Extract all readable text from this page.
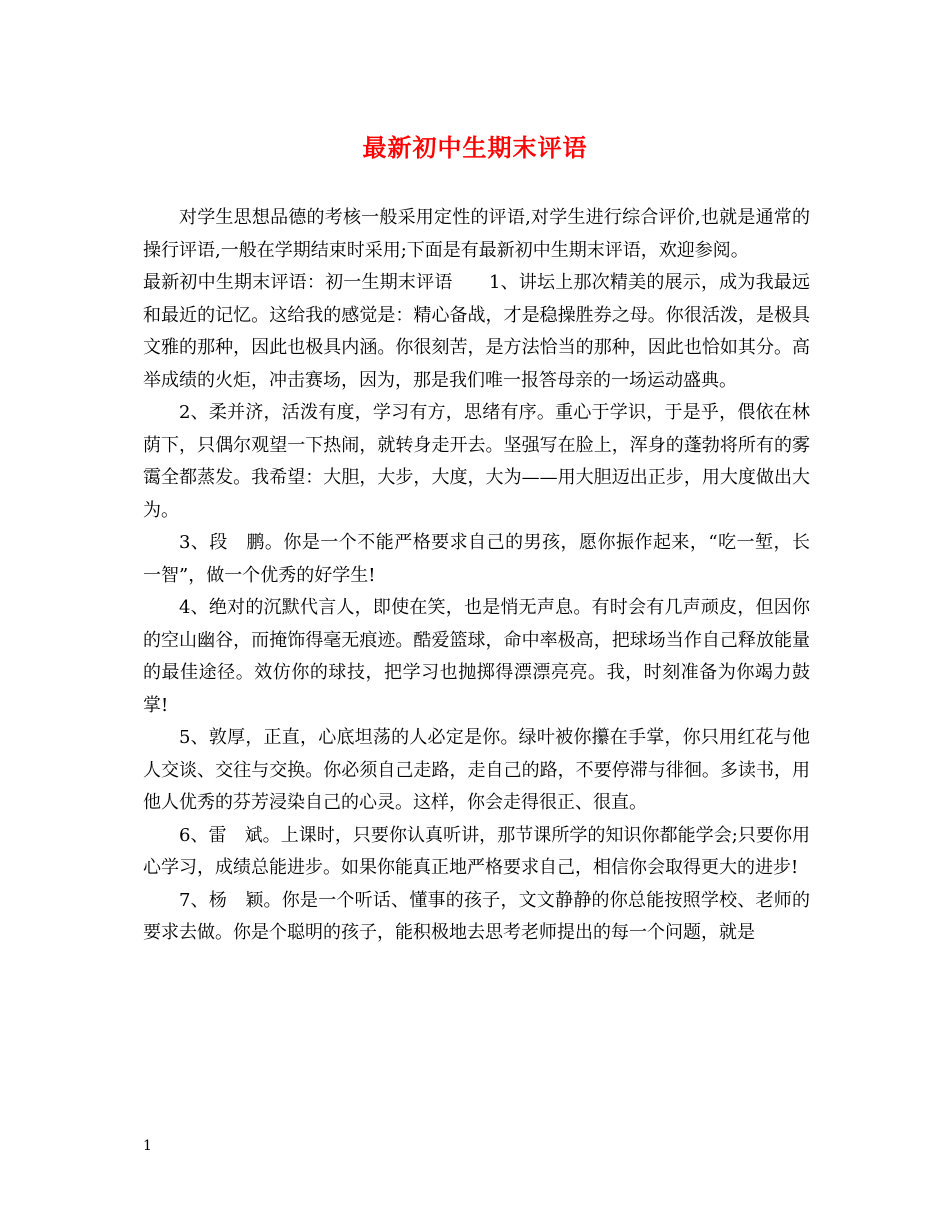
最新初中生期末评语

对学生思想品德的考核一般采用定性的评语,对学生进行综合评价,也就是通常的操行评语,一般在学期结束时采用;下面是有最新初中生期末评语，欢迎参阅。

最新初中生期末评语：初一生期末评语　　1、讲坛上那次精美的展示，成为我最远和最近的记忆。这给我的感觉是：精心备战，才是稳操胜券之母。你很活泼，是极具文雅的那种，因此也极具内涵。你很刻苦，是方法恰当的那种，因此也恰如其分。高举成绩的火炬，冲击赛场，因为，那是我们唯一报答母亲的一场运动盛典。

2、柔并济，活泼有度，学习有方，思绪有序。重心于学识，于是乎，偎依在林荫下，只偶尔观望一下热闹，就转身走开去。坚强写在脸上，浑身的蓬勃将所有的雾霭全都蒸发。我希望：大胆，大步，大度，大为——用大胆迈出正步，用大度做出大为。

3、段　鹏。你是一个不能严格要求自己的男孩，愿你振作起来，“吃一堑，长一智”，做一个优秀的好学生!

4、绝对的沉默代言人，即使在笑，也是悄无声息。有时会有几声顽皮，但因你的空山幽谷，而掩饰得毫无痕迹。酷爱篮球，命中率极高，把球场当作自己释放能量的最佳途径。效仿你的球技，把学习也抛掷得漂漂亮亮。我，时刻准备为你竭力鼓掌!

5、敦厚，正直，心底坦荡的人必定是你。绿叶被你攥在手掌，你只用红花与他人交谈、交往与交换。你必须自己走路，走自己的路，不要停滞与徘徊。多读书，用他人优秀的芬芳浸染自己的心灵。这样，你会走得很正、很直。

6、雷　斌。上课时，只要你认真听讲，那节课所学的知识你都能学会;只要你用心学习，成绩总能进步。如果你能真正地严格要求自己，相信你会取得更大的进步!

7、杨　颖。你是一个听话、懂事的孩子，文文静静的你总能按照学校、老师的要求去做。你是个聪明的孩子，能积极地去思考老师提出的每一个问题，就是

1
